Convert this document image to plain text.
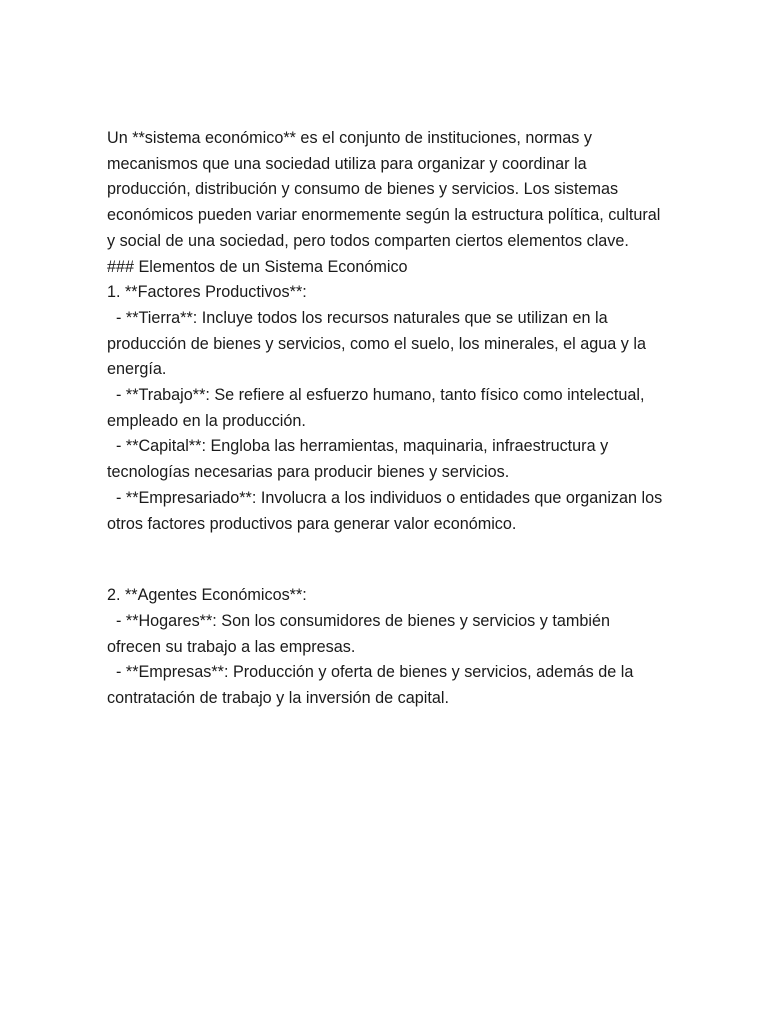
Un **sistema económico** es el conjunto de instituciones, normas y mecanismos que una sociedad utiliza para organizar y coordinar la producción, distribución y consumo de bienes y servicios. Los sistemas económicos pueden variar enormemente según la estructura política, cultural y social de una sociedad, pero todos comparten ciertos elementos clave.

### Elementos de un Sistema Económico

1. **Factores Productivos**:

- **Tierra**: Incluye todos los recursos naturales que se utilizan en la producción de bienes y servicios, como el suelo, los minerales, el agua y la energía.

- **Trabajo**: Se refiere al esfuerzo humano, tanto físico como intelectual, empleado en la producción.

- **Capital**: Engloba las herramientas, maquinaria, infraestructura y tecnologías necesarias para producir bienes y servicios.

- **Empresariado**: Involucra a los individuos o entidades que organizan los otros factores productivos para generar valor económico.

2. **Agentes Económicos**:

- **Hogares**: Son los consumidores de bienes y servicios y también ofrecen su trabajo a las empresas.

- **Empresas**: Producción y oferta de bienes y servicios, además de la contratación de trabajo y la inversión de capital.
